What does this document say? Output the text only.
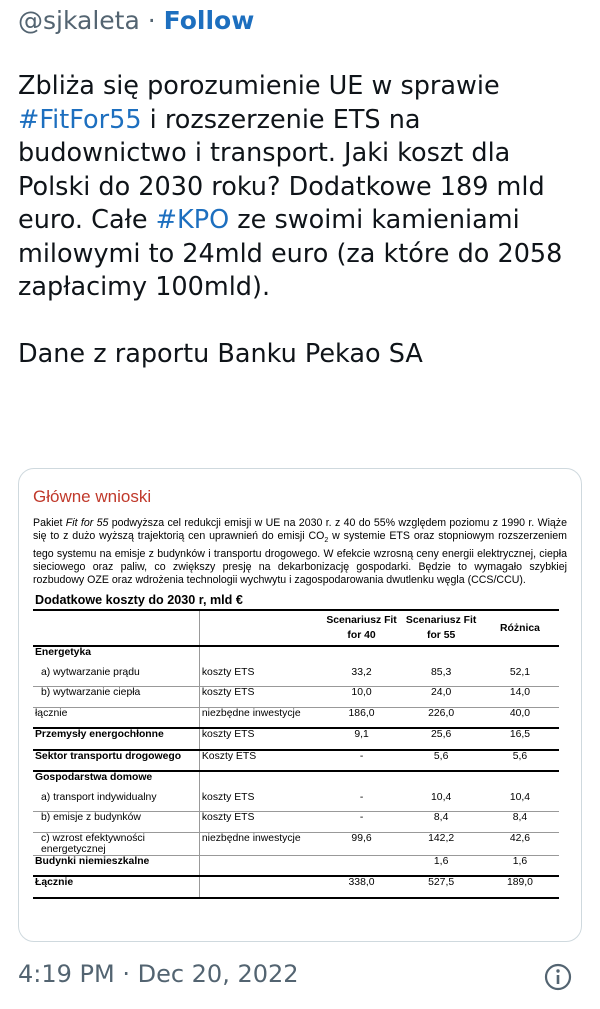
@sjkaleta · Follow

Zbliża się porozumienie UE w sprawie #FitFor55 i rozszerzenie ETS na budownictwo i transport. Jaki koszt dla Polski do 2030 roku? Dodatkowe 189 mld euro. Całe #KPO ze swoimi kamieniami milowymi to 24mld euro (za które do 2058 zapłacimy 100mld).

Dane z raportu Banku Pekao SA

Główne wnioski

Pakiet Fit for 55 podwyższa cel redukcji emisji w UE na 2030 r. z 40 do 55% względem poziomu z 1990 r. Wiąże się to z dużo wyższą trajektorią cen uprawnień do emisji $CO_2$ w systemie ETS oraz stopniowym rozszerzeniem tego systemu na emisje z budynków i transportu drogowego. W efekcie wzrosną ceny energii elektrycznej, ciepła sieciowego oraz paliw, co zwiększy presję na dekarbonizację gospodarki. Będzie to wymagało szybkiej rozbudowy OZE oraz wdrożenia technologii wychwytu i zagospodarowania dwutlenku węgla (CCS/CCU).

Dodatkowe koszty do 2030 r, mld €
		Scenariusz Fit for 40	Scenariusz Fit for 55	Różnica
Energetyka				
a) wytwarzanie prądu	koszty ETS	33,2	85,3	52,1
b) wytwarzanie ciepła	koszty ETS	10,0	24,0	14,0
łącznie	niezbędne inwestycje	186,0	226,0	40,0
Przemysły energochłonne	koszty ETS	9,1	25,6	16,5
Sektor transportu drogowego	Koszty ETS	-	5,6	5,6
Gospodarstwa domowe				
a) transport indywidualny	koszty ETS	-	10,4	10,4
b) emisje z budynków	koszty ETS	-	8,4	8,4
c) wzrost efektywności energetycznej	niezbędne inwestycje	99,6	142,2	42,6
Budynki niemieszkalne			1,6	1,6
Łącznie		338,0	527,5	189,0
4:19 PM · Dec 20, 2022
